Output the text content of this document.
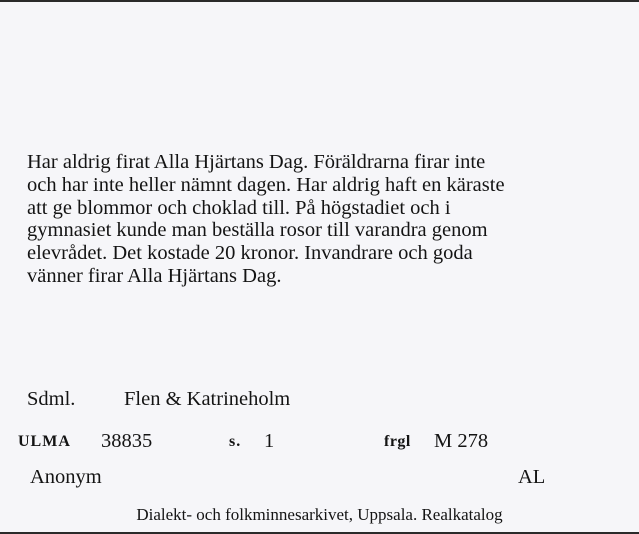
Har aldrig firat Alla Hjärtans Dag. Föräldrarna firar inte
och har inte heller nämnt dagen. Har aldrig haft en käraste
att ge blommor och choklad till. På högstadiet och i
gymnasiet kunde man beställa rosor till varandra genom
elevrådet. Det kostade 20 kronor. Invandrare och goda
vänner firar Alla Hjärtans Dag.
Sdml. Flen & Katrineholm
ULMA 38835	s. 1	frgl M 278
Anonym	AL
Dialekt- och folkminnesarkivet, Uppsala. Realkatalog
